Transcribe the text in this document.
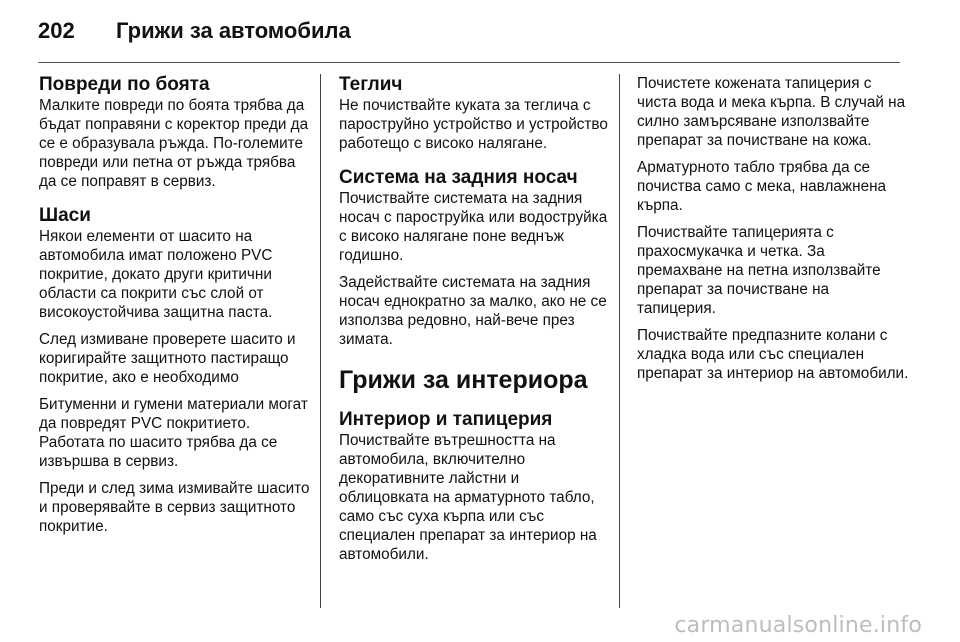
202	Грижи за автомобила
Повреди по боята

Малките повреди по боята трябва да бъдат поправяни с коректор преди да се е образувала ръжда. По-големите повреди или петна от ръжда трябва да се поправят в сервиз.

Шаси

Някои елементи от шасито на автомобила имат положено PVC покритие, докато други критични области са покрити със слой от високоустойчива защитна паста.

След измиване проверете шасито и коригирайте защитното пастиращо покритие, ако е необходимо

Битуменни и гумени материали могат да повредят PVC покритието. Работата по шасито трябва да се извършва в сервиз.

Преди и след зима измивайте шасито и проверявайте в сервиз защитното покритие.

Теглич

Не почиствайте куката за теглича с пароструйно устройство и устройство работещо с високо налягане.

Система на задния носач

Почиствайте системата на задния носач с пароструйка или водоструйка с високо налягане поне веднъж годишно.

Задействайте системата на задния носач еднократно за малко, ако не се използва редовно, най-вече през зимата.

Грижи за интериора
Интериор и тапицерия

Почиствайте вътрешността на автомобила, включително декоративните лайстни и облицовката на арматурното табло, само със суха кърпа или със специален препарат за интериор на автомобили.

Почистете кожената тапицерия с чиста вода и мека кърпа. В случай на силно замърсяване използвайте препарат за почистване на кожа.

Арматурното табло трябва да се почиства само с мека, навлажнена кърпа.

Почиствайте тапицерията с прахосмукачка и четка. За премахване на петна използвайте препарат за почистване на тапицерия.

Почиствайте предпазните колани с хладка вода или със специален препарат за интериор на автомобили.

carmanualsonline.info
